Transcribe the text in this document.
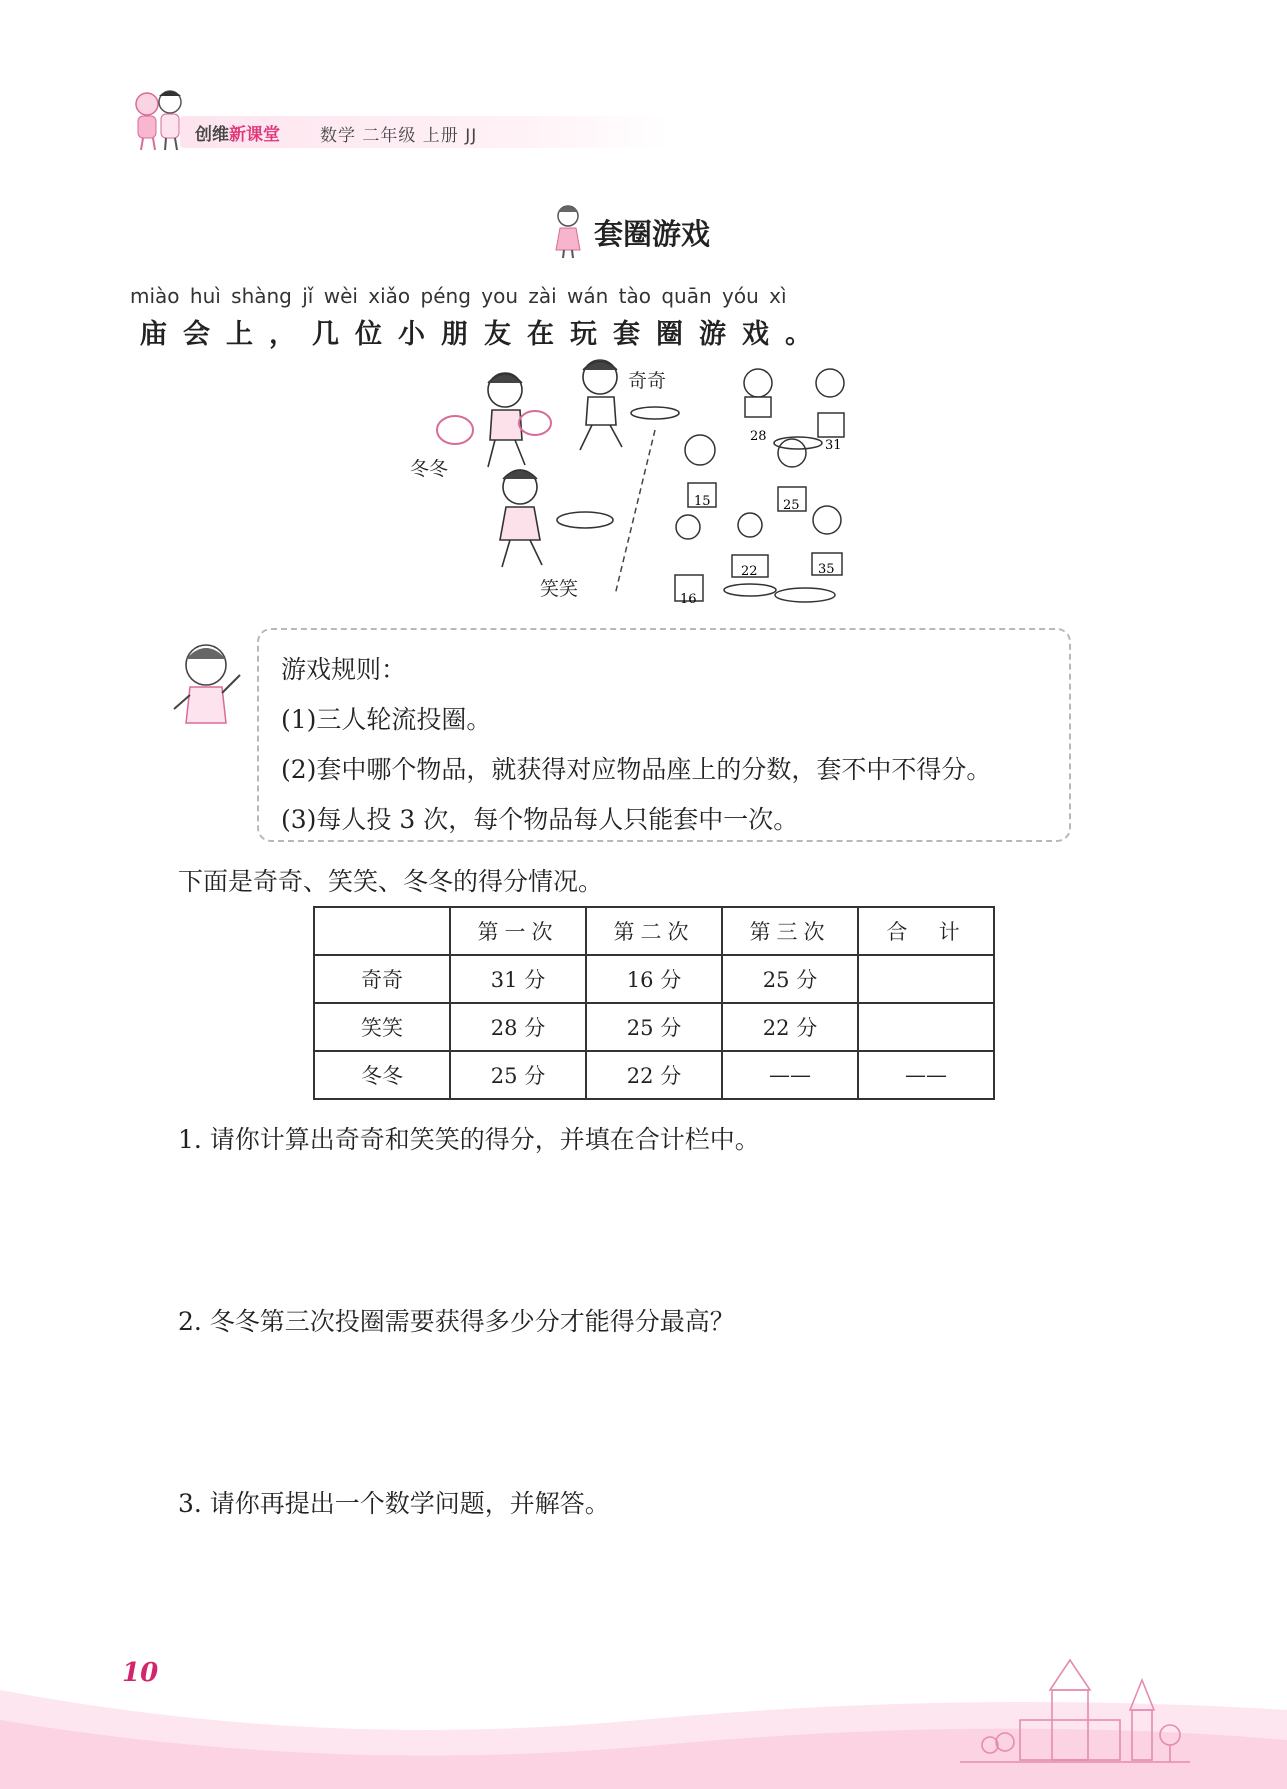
创维新课堂 数学 二年级 上册 JJ
套圈游戏
miào huì shàng jǐ wèi xiǎo péng you zài wán tào quān yóu xì
庙会上，几位小朋友在玩套圈游戏。
冬冬
奇奇
笑笑
28
31
15	25
22
16
35
游戏规则：
(1)三人轮流投圈。
(2)套中哪个物品，就获得对应物品座上的分数，套不中不得分。
(3)每人投 3 次，每个物品每人只能套中一次。
下面是奇奇、笑笑、冬冬的得分情况。
	第一次	第二次	第三次	合  计
奇奇	31 分	16 分	25 分	
笑笑	28 分	25 分	22 分	
冬冬	25 分	22 分	——	——
1. 请你计算出奇奇和笑笑的得分，并填在合计栏中。
2. 冬冬第三次投圈需要获得多少分才能得分最高？
3. 请你再提出一个数学问题，并解答。
10
